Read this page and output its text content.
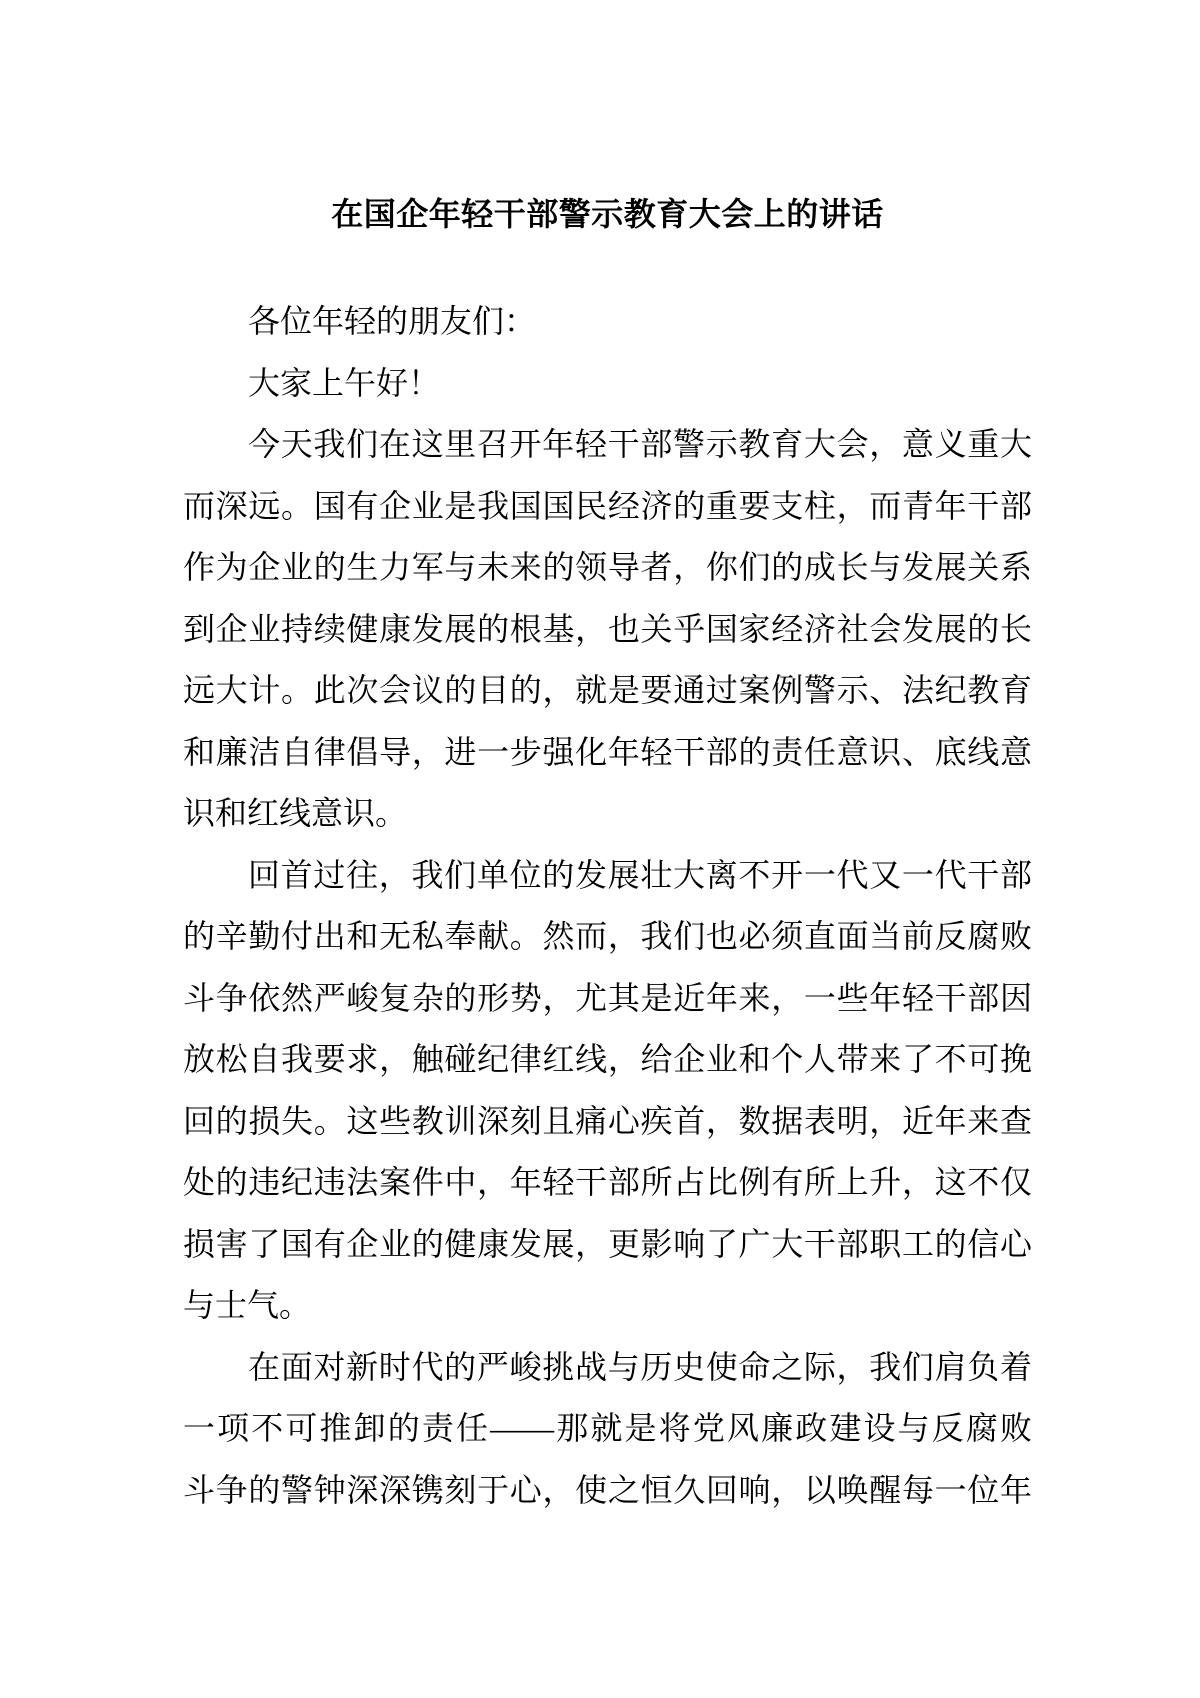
在国企年轻干部警示教育大会上的讲话
各位年轻的朋友们：
大家上午好！
今天我们在这里召开年轻干部警示教育大会，意义重大
而深远。国有企业是我国国民经济的重要支柱，而青年干部
作为企业的生力军与未来的领导者，你们的成长与发展关系
到企业持续健康发展的根基，也关乎国家经济社会发展的长
远大计。此次会议的目的，就是要通过案例警示、法纪教育
和廉洁自律倡导，进一步强化年轻干部的责任意识、底线意
识和红线意识。
回首过往，我们单位的发展壮大离不开一代又一代干部
的辛勤付出和无私奉献。然而，我们也必须直面当前反腐败
斗争依然严峻复杂的形势，尤其是近年来，一些年轻干部因
放松自我要求，触碰纪律红线，给企业和个人带来了不可挽
回的损失。这些教训深刻且痛心疾首，数据表明，近年来查
处的违纪违法案件中，年轻干部所占比例有所上升，这不仅
损害了国有企业的健康发展，更影响了广大干部职工的信心
与士气。
在面对新时代的严峻挑战与历史使命之际，我们肩负着
一项不可推卸的责任——那就是将党风廉政建设与反腐败
斗争的警钟深深镌刻于心，使之恒久回响，以唤醒每一位年
